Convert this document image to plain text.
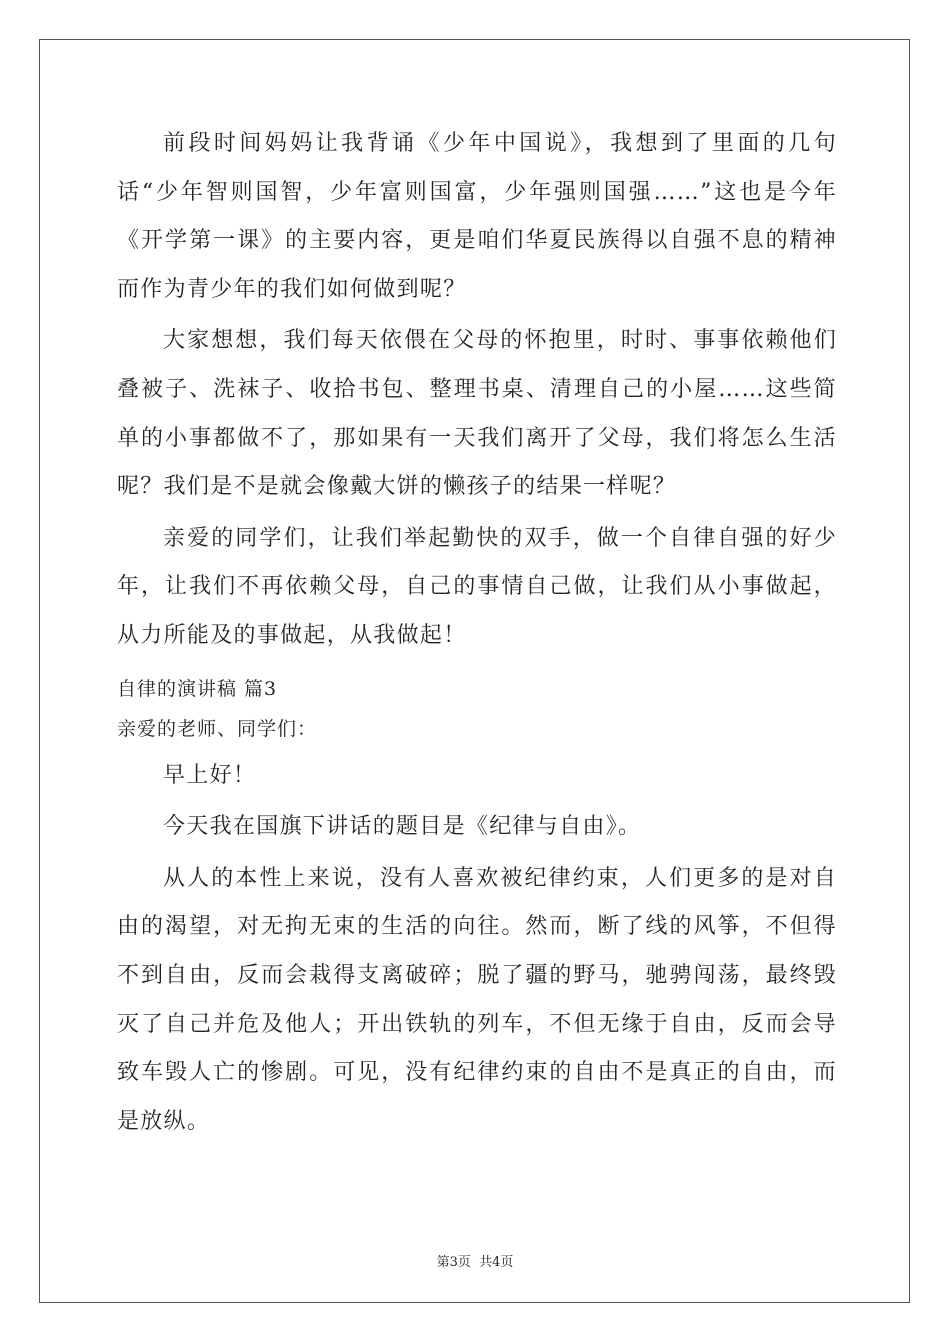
前段时间妈妈让我背诵《少年中国说》，我想到了里面的几句话“少年智则国智，少年富则国富，少年强则国强……”这也是今年《开学第一课》的主要内容，更是咱们华夏民族得以自强不息的精神而作为青少年的我们如何做到呢？

大家想想，我们每天依偎在父母的怀抱里，时时、事事依赖他们叠被子、洗袜子、收拾书包、整理书桌、清理自己的小屋……这些简单的小事都做不了，那如果有一天我们离开了父母，我们将怎么生活呢？我们是不是就会像戴大饼的懒孩子的结果一样呢？

亲爱的同学们，让我们举起勤快的双手，做一个自律自强的好少年，让我们不再依赖父母，自己的事情自己做，让我们从小事做起，从力所能及的事做起，从我做起！

自律的演讲稿 篇3
亲爱的老师、同学们：

早上好！

今天我在国旗下讲话的题目是《纪律与自由》。

从人的本性上来说，没有人喜欢被纪律约束，人们更多的是对自由的渴望，对无拘无束的生活的向往。然而，断了线的风筝，不但得不到自由，反而会栽得支离破碎；脱了疆的野马，驰骋闯荡，最终毁灭了自己并危及他人；开出铁轨的列车，不但无缘于自由，反而会导致车毁人亡的惨剧。可见，没有纪律约束的自由不是真正的自由，而是放纵。

第3页 共4页
